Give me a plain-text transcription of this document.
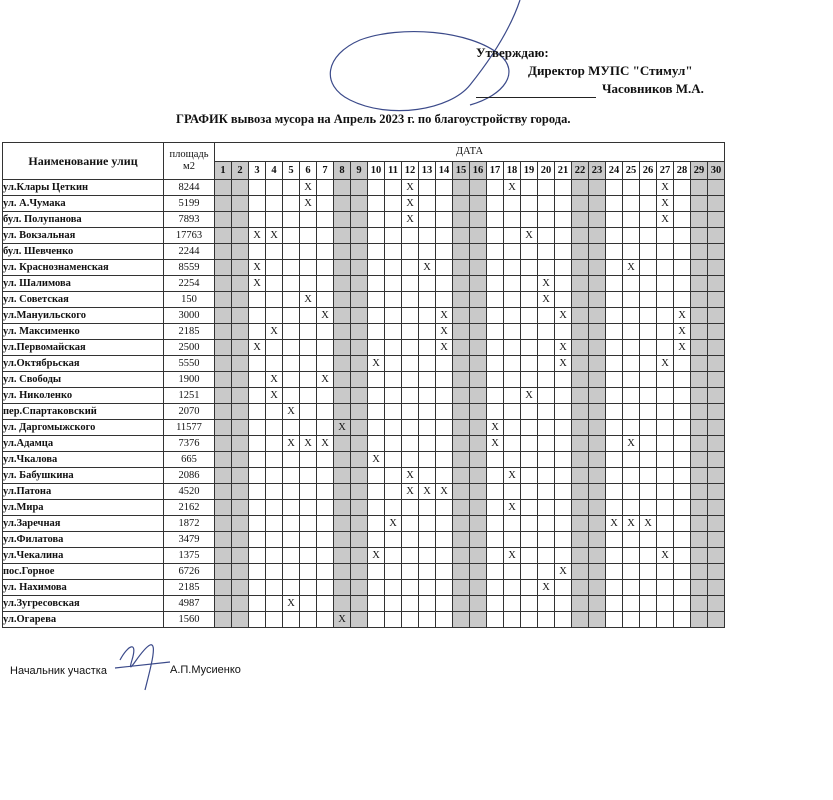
Утверждаю:
Директор МУПС "Стимул"
Часовников М.А.
ГРАФИК вывоза мусора на Апрель 2023 г. по благоустройству города.
Наименование улиц	площадь м2	ДАТА																													
		1	2	3	4	5	6	7	8	9	10	11	12	13	14	15	16	17	18	19	20	21	22	23	24	25	26	27	28	29	30
ул.Клары Цеткин	8244						X						X						X									X			
ул. А.Чумака	5199						X						X															X			
бул. Полупанова	7893												X															X			
ул. Вокзальная	17763			X	X															X											
бул. Шевченко	2244																														
ул. Краснознаменская	8559			X										X												X					
ул. Шалимова	2254			X																	X										
ул. Советская	150						X														X										
ул.Мануильского	3000							X							X							X							X		
ул. Максименко	2185				X										X														X		
ул.Первомайская	2500			X											X							X							X		
ул.Октябрьская	5550										X											X						X			
ул. Свободы	1900				X			X																							
ул. Николенко	1251				X															X											
пер.Спартаковский	2070					X																									
ул. Даргомыжского	11577								X									X													
ул.Адамца	7376					X	X	X										X								X					
ул.Чкалова	665										X																				
ул. Бабушкина	2086												X						X												
ул.Патона	4520												X	X	X																
ул.Мира	2162																		X												
ул.Заречная	1872											X													X	X	X				
ул.Филатова	3479																														
ул.Чекалина	1375										X								X									X			
пос.Горное	6726																					X									
ул. Нахимова	2185																				X										
ул.Зугресовская	4987					X																									
ул.Огарева	1560								X																						
Начальник участка	А.П.Мусиенко
